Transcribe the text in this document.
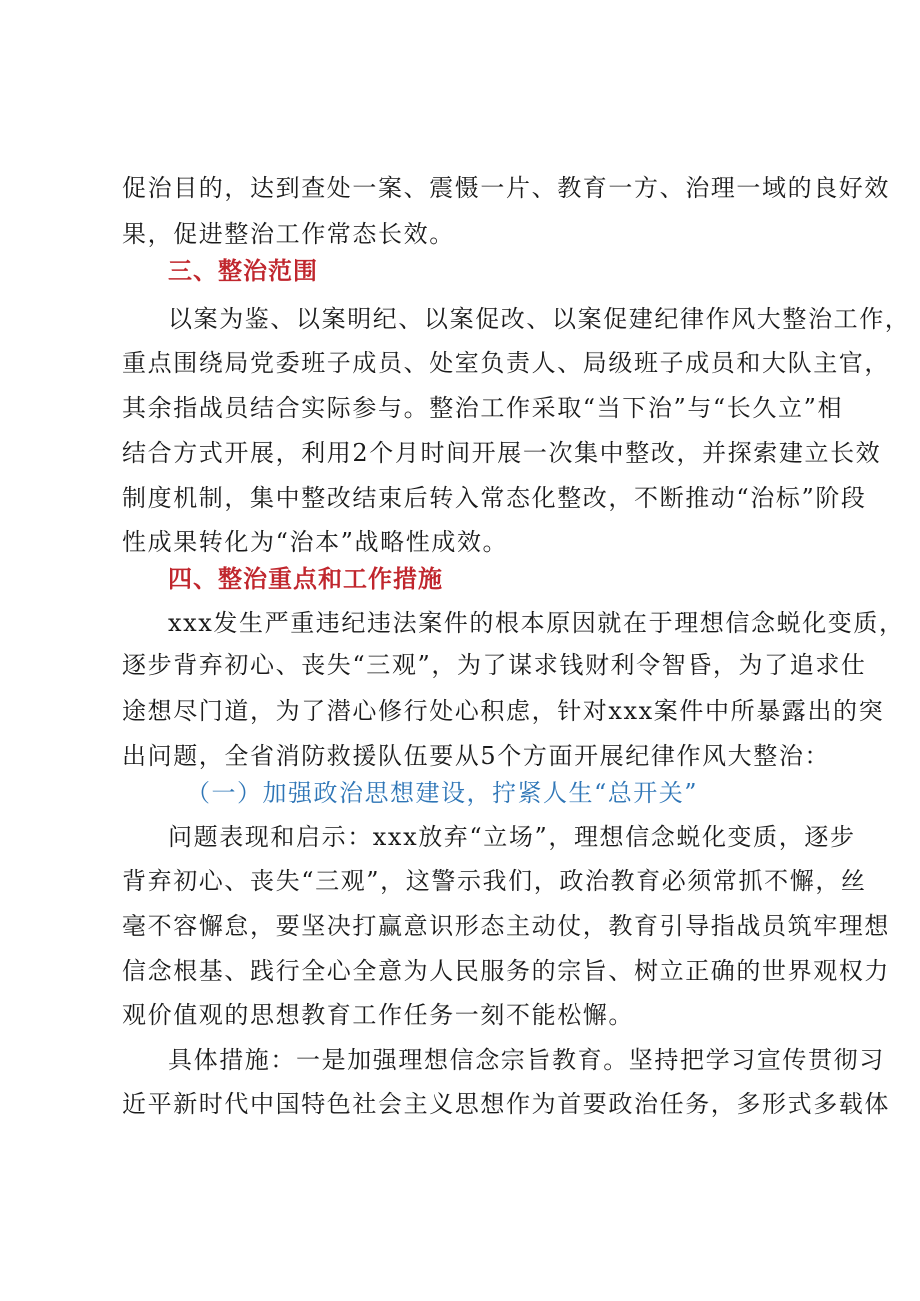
促治目的，达到查处一案、震慑一片、教育一方、治理一域的良好效
果，促进整治工作常态长效。
三、整治范围
以案为鉴、以案明纪、以案促改、以案促建纪律作风大整治工作，
重点围绕局党委班子成员、处室负责人、局级班子成员和大队主官，
其余指战员结合实际参与。整治工作采取“当下治”与“长久立”相
结合方式开展，利用2个月时间开展一次集中整改，并探索建立长效
制度机制，集中整改结束后转入常态化整改，不断推动“治标”阶段
性成果转化为“治本”战略性成效。
四、整治重点和工作措施
xxx发生严重违纪违法案件的根本原因就在于理想信念蜕化变质，
逐步背弃初心、丧失“三观”，为了谋求钱财利令智昏，为了追求仕
途想尽门道，为了潜心修行处心积虑，针对xxx案件中所暴露出的突
出问题，全省消防救援队伍要从5个方面开展纪律作风大整治：
（一）加强政治思想建设，拧紧人生“总开关”
问题表现和启示：xxx放弃“立场”，理想信念蜕化变质，逐步
背弃初心、丧失“三观”，这警示我们，政治教育必须常抓不懈，丝
毫不容懈怠，要坚决打赢意识形态主动仗，教育引导指战员筑牢理想
信念根基、践行全心全意为人民服务的宗旨、树立正确的世界观权力
观价值观的思想教育工作任务一刻不能松懈。
具体措施：一是加强理想信念宗旨教育。坚持把学习宣传贯彻习
近平新时代中国特色社会主义思想作为首要政治任务，多形式多载体
